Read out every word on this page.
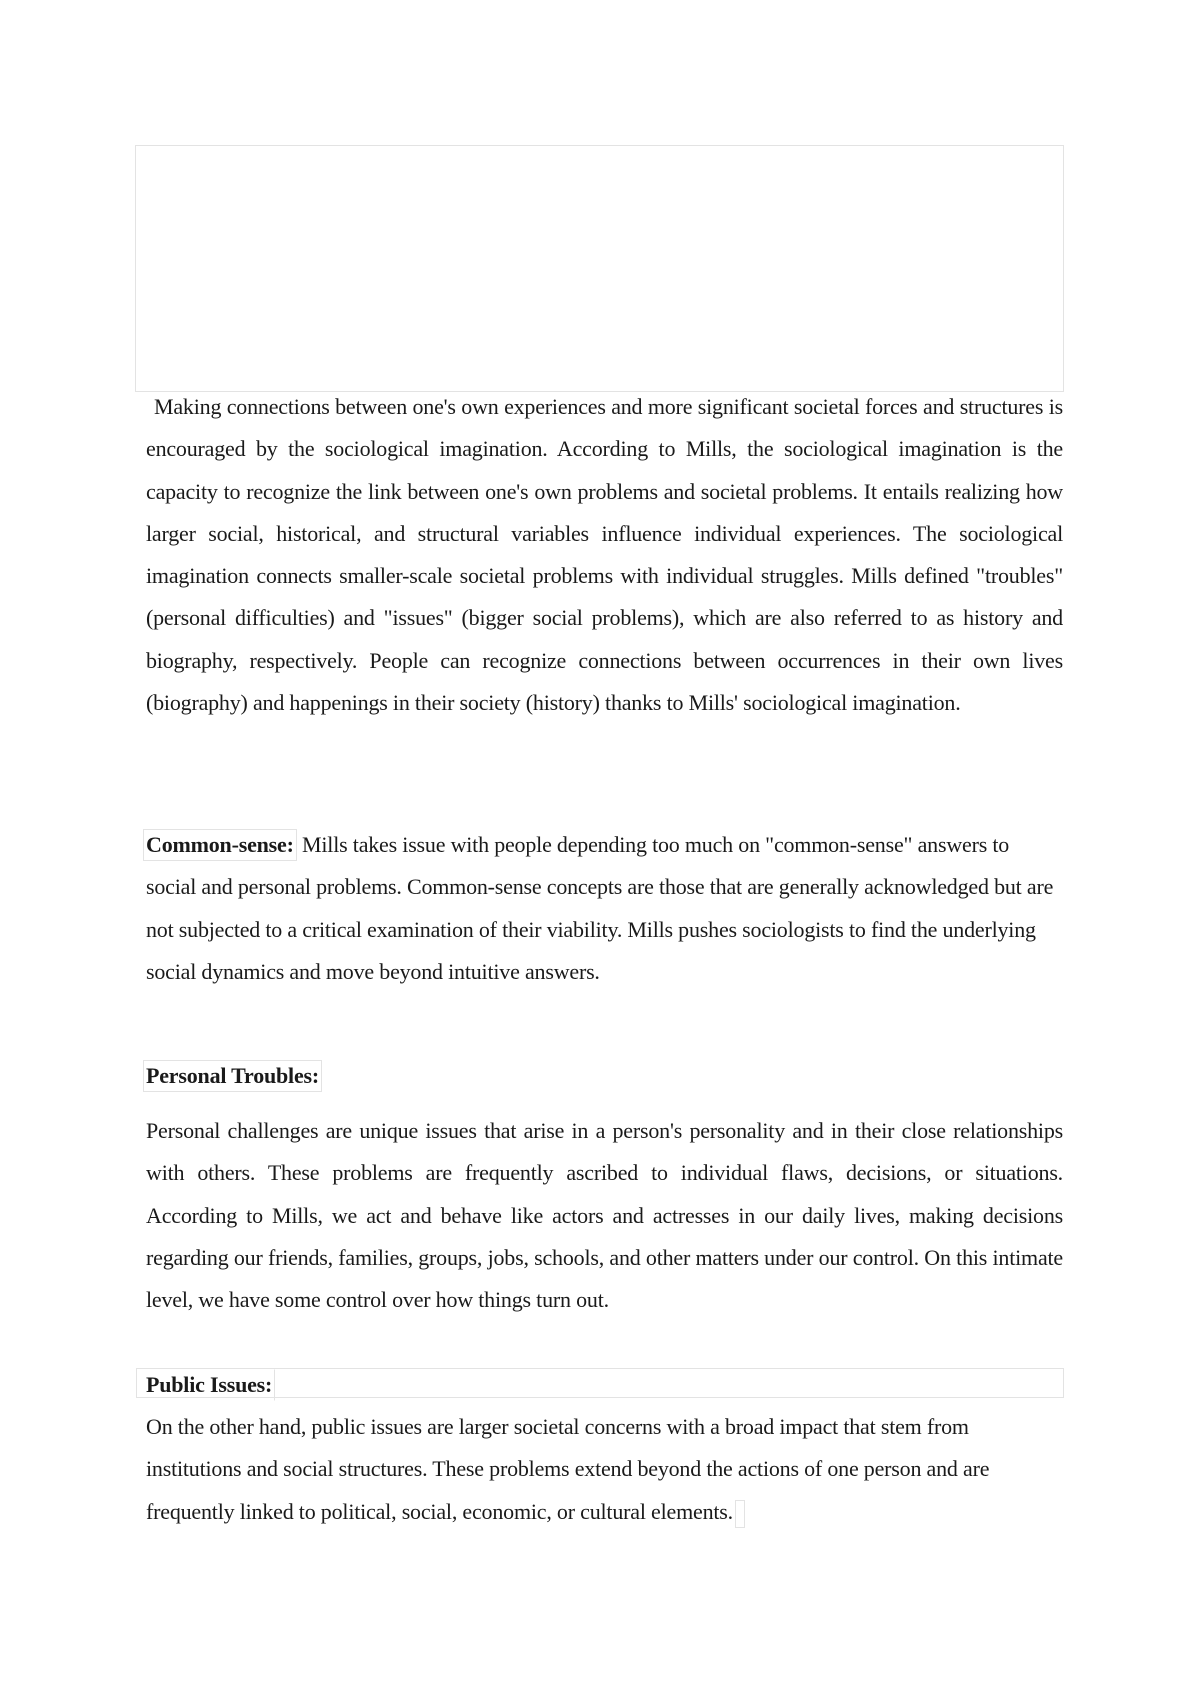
Making connections between one's own experiences and more significant societal forces and structures is encouraged by the sociological imagination. According to Mills, the sociological imagination is the capacity to recognize the link between one's own problems and societal problems. It entails realizing how larger social, historical, and structural variables influence individual experiences. The sociological imagination connects smaller-scale societal problems with individual struggles. Mills defined "troubles" (personal difficulties) and "issues" (bigger social problems), which are also referred to as history and biography, respectively. People can recognize connections between occurrences in their own lives (biography) and happenings in their society (history) thanks to Mills' sociological imagination.

Common-sense: Mills takes issue with people depending too much on "common-sense" answers to social and personal problems. Common-sense concepts are those that are generally acknowledged but are not subjected to a critical examination of their viability. Mills pushes sociologists to find the underlying social dynamics and move beyond intuitive answers.

Personal Troubles:

Personal challenges are unique issues that arise in a person's personality and in their close relationships with others. These problems are frequently ascribed to individual flaws, decisions, or situations. According to Mills, we act and behave like actors and actresses in our daily lives, making decisions regarding our friends, families, groups, jobs, schools, and other matters under our control. On this intimate level, we have some control over how things turn out.

Public Issues:

On the other hand, public issues are larger societal concerns with a broad impact that stem from institutions and social structures. These problems extend beyond the actions of one person and are frequently linked to political, social, economic, or cultural elements.
